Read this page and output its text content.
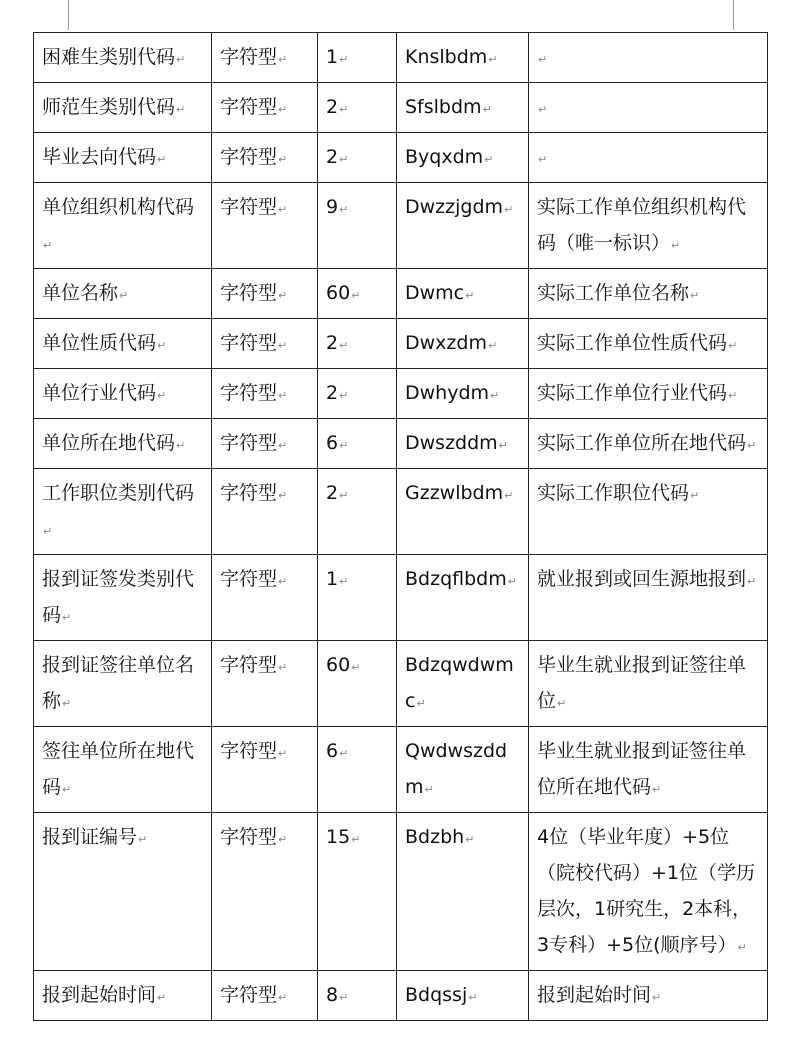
困难生类别代码↵	字符型↵	1↵	Knslbdm↵	↵
师范生类别代码↵	字符型↵	2↵	Sfslbdm↵	↵
毕业去向代码↵	字符型↵	2↵	Byqxdm↵	↵
单位组织机构代码↵	字符型↵	9↵	Dwzzjgdm↵	实际工作单位组织机构代码（唯一标识）↵
单位名称↵	字符型↵	60↵	Dwmc↵	实际工作单位名称↵
单位性质代码↵	字符型↵	2↵	Dwxzdm↵	实际工作单位性质代码↵
单位行业代码↵	字符型↵	2↵	Dwhydm↵	实际工作单位行业代码↵
单位所在地代码↵	字符型↵	6↵	Dwszddm↵	实际工作单位所在地代码↵
工作职位类别代码↵	字符型↵	2↵	Gzzwlbdm↵	实际工作职位代码↵
报到证签发类别代码↵	字符型↵	1↵	Bdzqflbdm↵	就业报到或回生源地报到↵
报到证签往单位名称↵	字符型↵	60↵	Bdzqwdwmc↵	毕业生就业报到证签往单位↵
签往单位所在地代码↵	字符型↵	6↵	Qwdwszddm↵	毕业生就业报到证签往单位所在地代码↵
报到证编号↵	字符型↵	15↵	Bdzbh↵	4位（毕业年度）+5位（院校代码）+1位（学历层次，1研究生，2本科，3专科）+5位(顺序号）↵
报到起始时间↵	字符型↵	8↵	Bdqssj↵	报到起始时间↵
